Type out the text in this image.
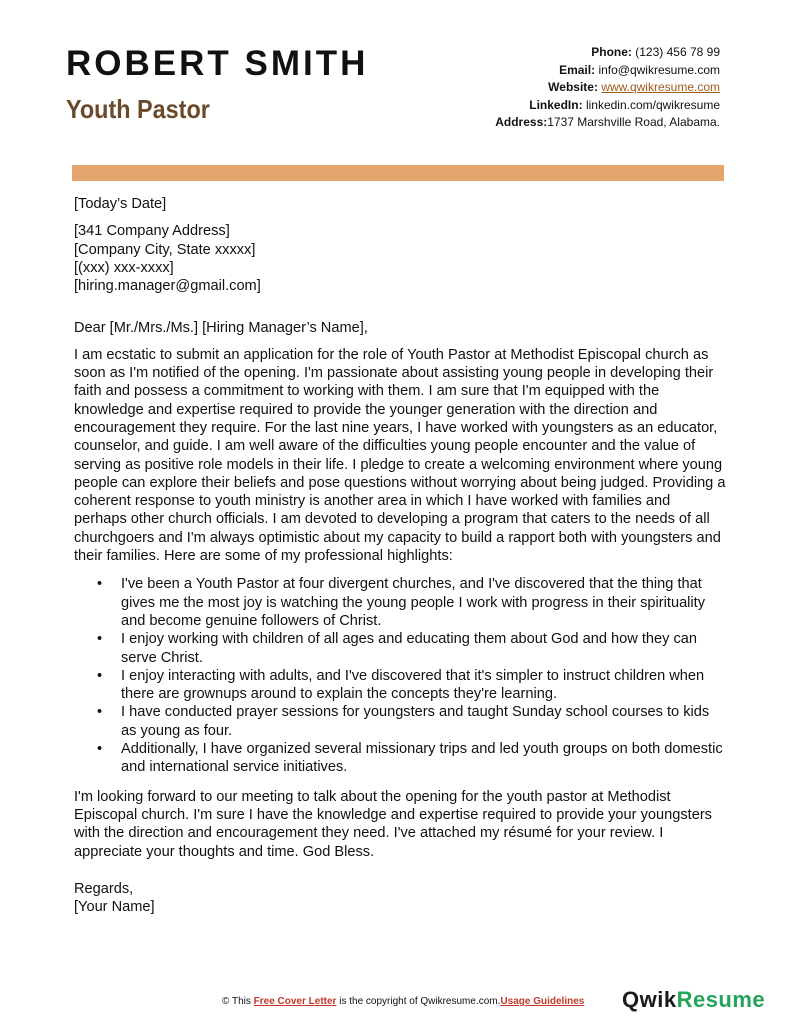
ROBERT SMITH
Youth Pastor
Phone: (123) 456 78 99
Email: info@qwikresume.com
Website: www.qwikresume.com
LinkedIn: linkedin.com/qwikresume
Address:1737 Marshville Road, Alabama.

[Today’s Date]

[341 Company Address]

[Company City, State xxxxx]

[(xxx) xxx-xxxx]

[hiring.manager@gmail.com]

Dear [Mr./Mrs./Ms.] [Hiring Manager’s Name],

I am ecstatic to submit an application for the role of Youth Pastor at Methodist Episcopal church as soon as I'm notified of the opening. I'm passionate about assisting young people in developing their faith and possess a commitment to working with them. I am sure that I'm equipped with the knowledge and expertise required to provide the younger generation with the direction and encouragement they require. For the last nine years, I have worked with youngsters as an educator, counselor, and guide. I am well aware of the difficulties young people encounter and the value of serving as positive role models in their life. I pledge to create a welcoming environment where young people can explore their beliefs and pose questions without worrying about being judged. Providing a coherent response to youth ministry is another area in which I have worked with families and perhaps other church officials. I am devoted to developing a program that caters to the needs of all churchgoers and I'm always optimistic about my capacity to build a rapport both with youngsters and their families. Here are some of my professional highlights:

• I've been a Youth Pastor at four divergent churches, and I've discovered that the thing that gives me the most joy is watching the young people I work with progress in their spirituality and become genuine followers of Christ.
• I enjoy working with children of all ages and educating them about God and how they can serve Christ.
• I enjoy interacting with adults, and I've discovered that it's simpler to instruct children when there are grownups around to explain the concepts they're learning.
• I have conducted prayer sessions for youngsters and taught Sunday school courses to kids as young as four.
• Additionally, I have organized several missionary trips and led youth groups on both domestic and international service initiatives.

I'm looking forward to our meeting to talk about the opening for the youth pastor at Methodist Episcopal church. I'm sure I have the knowledge and expertise required to provide your youngsters with the direction and encouragement they need. I've attached my résumé for your review. I appreciate your thoughts and time. God Bless.

Regards,

[Your Name]

© This Free Cover Letter is the copyright of Qwikresume.com.Usage Guidelines QwikResume
